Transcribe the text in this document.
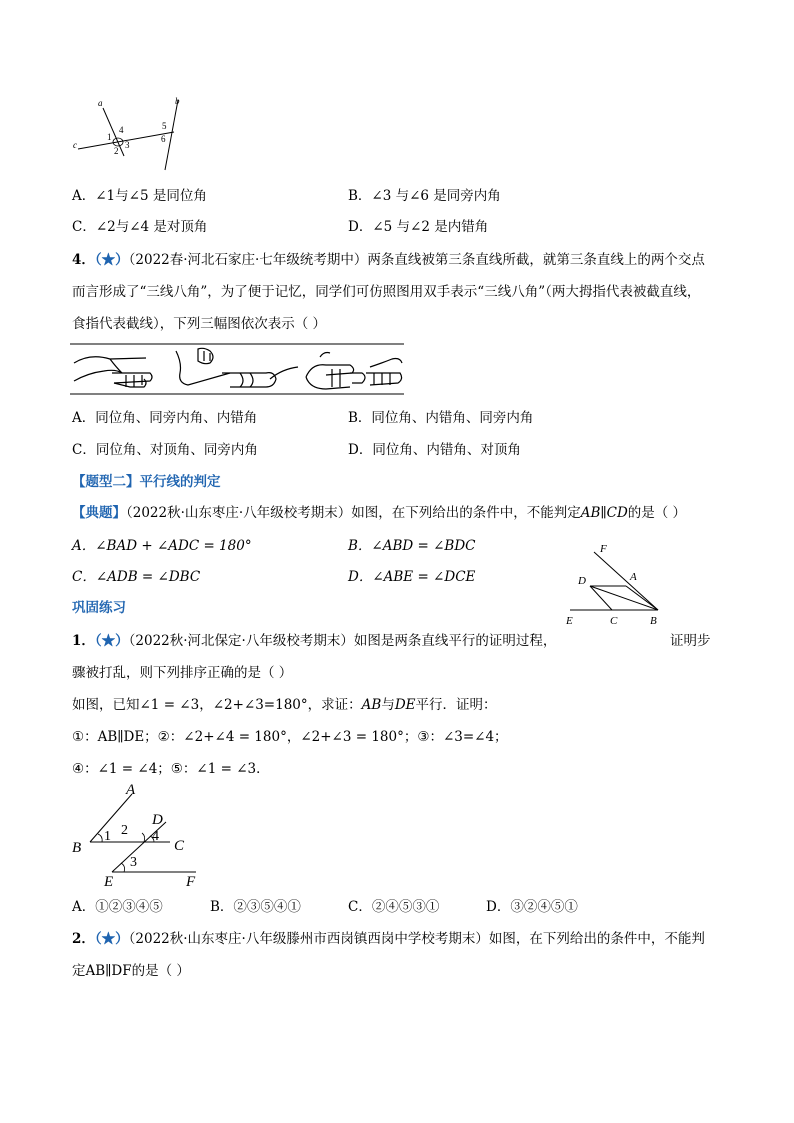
a	b
c
1
2
3
4	5
6
A．∠1与∠5 是同位角	B．∠3 与∠6 是同旁内角
C．∠2与∠4 是对顶角	D．∠5 与∠2 是内错角
4．（★）（2022春·河北石家庄·七年级统考期中）两条直线被第三条直线所截，就第三条直线上的两个交点
而言形成了“三线八角”，为了便于记忆，同学们可仿照图用双手表示“三线八角”（两大拇指代表被截直线，
食指代表截线），下列三幅图依次表示（ ）
A．同位角、同旁内角、内错角	B．同位角、内错角、同旁内角
C．同位角、对顶角、同旁内角	D．同位角、内错角、对顶角
【题型二】平行线的判定
【典题】（2022秋·山东枣庄·八年级校考期末）如图，在下列给出的条件中，不能判定AB∥CD的是（ ）
A．∠BAD + ∠ADC = 180°	B．∠ABD = ∠BDC
C．∠ADB = ∠DBC	D．∠ABE = ∠DCE
F
A
D
E	C	B
巩固练习
1．（★）（2022秋·河北保定·八年级校考期末）如图是两条直线平行的证明过程，	证明步
骤被打乱，则下列排序正确的是（ ）
如图，已知∠1 = ∠3，∠2+∠3=180°，求证：AB与DE平行．证明：
①：AB∥DE；②：∠2+∠4 = 180°，∠2+∠3 = 180°；③：∠3=∠4；
④：∠1 = ∠4；⑤：∠1 = ∠3．
A
B	C
D
E	F
1 2
3
4
A．①②③④⑤	B．②③⑤④①	C．②④⑤③①	D．③②④⑤①
2．（★）（2022秋·山东枣庄·八年级滕州市西岗镇西岗中学校考期末）如图，在下列给出的条件中，不能判
定AB∥DF的是（ ）
